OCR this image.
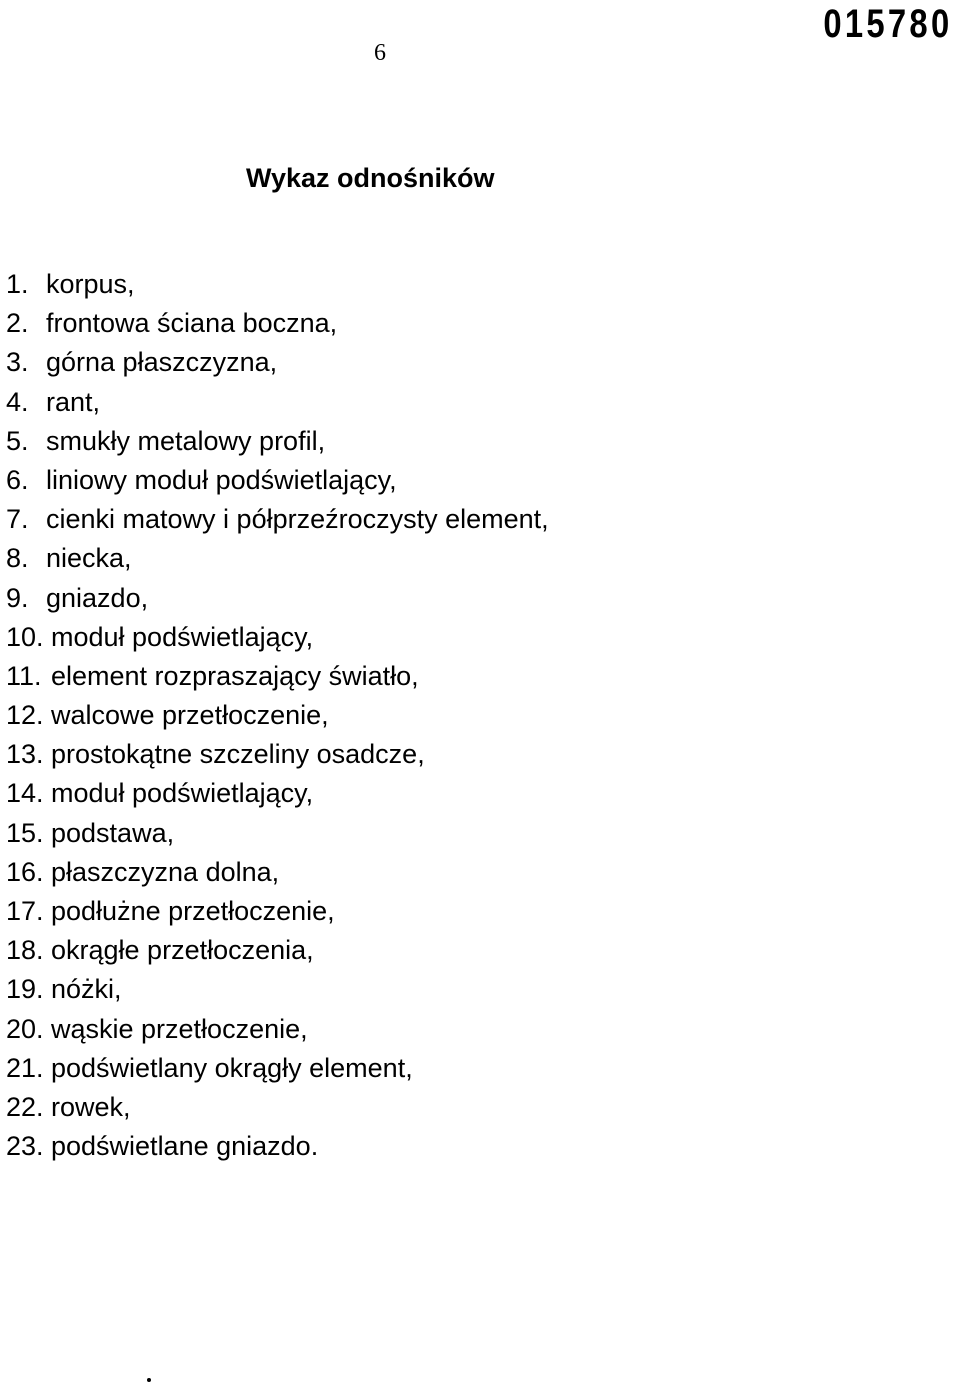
015780
6
Wykaz odnośników
1. korpus,
2. frontowa ściana boczna,
3. górna płaszczyzna,
4. rant,
5. smukły metalowy profil,
6. liniowy moduł podświetlający,
7. cienki matowy i półprzeźroczysty element,
8. niecka,
9. gniazdo,
10. moduł podświetlający,
11. element rozpraszający światło,
12. walcowe przetłoczenie,
13. prostokątne szczeliny osadcze,
14. moduł podświetlający,
15. podstawa,
16. płaszczyzna dolna,
17. podłużne przetłoczenie,
18. okrągłe przetłoczenia,
19. nóżki,
20. wąskie przetłoczenie,
21. podświetlany okrągły element,
22. rowek,
23. podświetlane gniazdo.
